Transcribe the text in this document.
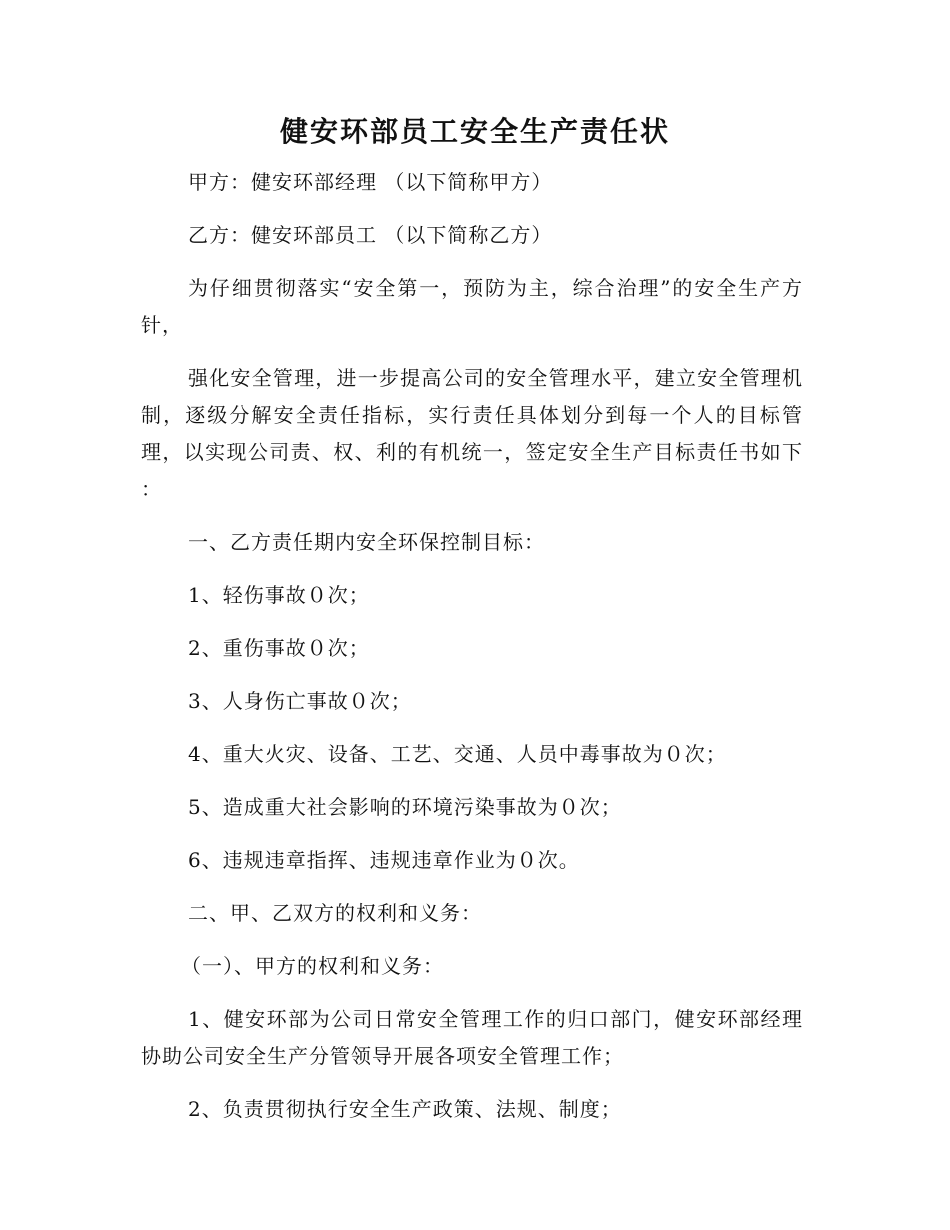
健安环部员工安全生产责任状

甲方：健安环部经理 （以下简称甲方）

乙方：健安环部员工 （以下简称乙方）

为仔细贯彻落实“安全第一，预防为主，综合治理”的安全生产方针，

强化安全管理，进一步提高公司的安全管理水平，建立安全管理机制，逐级分解安全责任指标，实行责任具体划分到每一个人的目标管理，以实现公司责、权、利的有机统一，签定安全生产目标责任书如下 ：

一、乙方责任期内安全环保控制目标：

1、轻伤事故０次；

2、重伤事故０次；

3、人身伤亡事故０次；

4、重大火灾、设备、工艺、交通、人员中毒事故为０次；

5、造成重大社会影响的环境污染事故为０次；

6、违规违章指挥、违规违章作业为０次。

二、甲、乙双方的权利和义务：

（一）、甲方的权利和义务：

1、健安环部为公司日常安全管理工作的归口部门，健安环部经理协助公司安全生产分管领导开展各项安全管理工作；

2、负责贯彻执行安全生产政策、法规、制度；
